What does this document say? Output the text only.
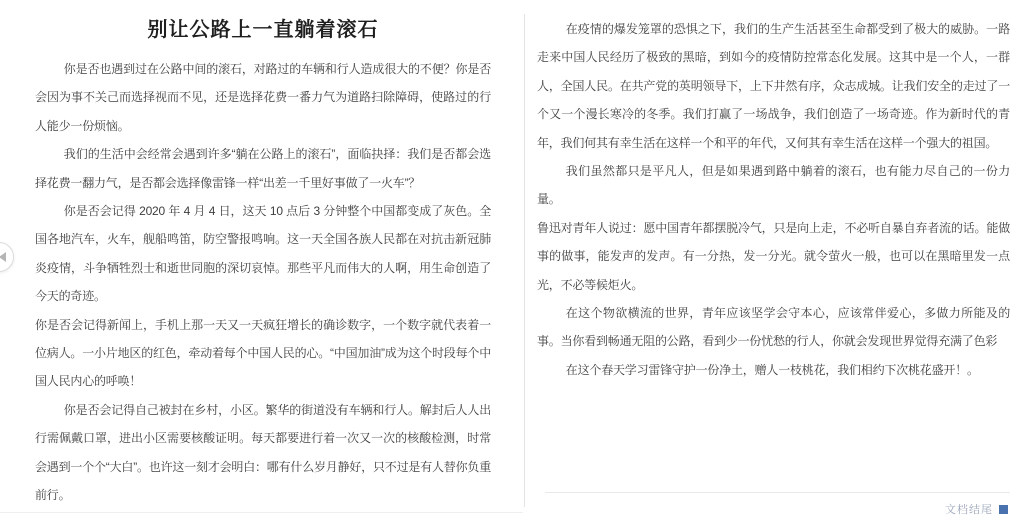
别让公路上一直躺着滚石

你是否也遇到过在公路中间的滚石，对路过的车辆和行人造成很大的不便？你是否会因为事不关己而选择视而不见，还是选择花费一番力气为道路扫除障碍，使路过的行人能少一份烦恼。

我们的生活中会经常会遇到许多“躺在公路上的滚石”，面临抉择：我们是否都会选择花费一翻力气，是否都会选择像雷锋一样“出差一千里好事做了一火车”？

你是否会记得 2020 年 4 月 4 日，这天 10 点后 3 分钟整个中国都变成了灰色。全国各地汽车，火车，舰船鸣笛，防空警报鸣响。这一天全国各族人民都在对抗击新冠肺炎疫情，斗争牺牲烈士和逝世同胞的深切哀悼。那些平凡而伟大的人啊，用生命创造了今天的奇迹。

你是否会记得新闻上，手机上那一天又一天疯狂增长的确诊数字，一个数字就代表着一位病人。一小片地区的红色，牵动着每个中国人民的心。“中国加油”成为这个时段每个中国人民内心的呼唤！

你是否会记得自己被封在乡村，小区。繁华的街道没有车辆和行人。解封后人人出行需佩戴口罩，进出小区需要核酸证明。每天都要进行着一次又一次的核酸检测，时常会遇到一个个“大白”。也许这一刻才会明白：哪有什么岁月静好，只不过是有人替你负重前行。

在疫情的爆发笼罩的恐惧之下，我们的生产生活甚至生命都受到了极大的威胁。一路走来中国人民经历了极致的黑暗，到如今的疫情防控常态化发展。这其中是一个人，一群人，全国人民。在共产党的英明领导下，上下井然有序，众志成城。让我们安全的走过了一个又一个漫长寒冷的冬季。我们打赢了一场战争，我们创造了一场奇迹。作为新时代的青年，我们何其有幸生活在这样一个和平的年代，又何其有幸生活在这样一个强大的祖国。

我们虽然都只是平凡人，但是如果遇到路中躺着的滚石，也有能力尽自己的一份力量。

鲁迅对青年人说过：愿中国青年都摆脱冷气，只是向上走，不必听自暴自弃者流的话。能做事的做事，能发声的发声。有一分热，发一分光。就令萤火一般，也可以在黑暗里发一点光，不必等候炬火。

在这个物欲横流的世界，青年应该坚学会守本心，应该常伴爱心，多做力所能及的事。当你看到畅通无阻的公路，看到少一份忧愁的行人，你就会发现世界觉得充满了色彩

在这个春天学习雷锋守护一份净土，赠人一枝桃花，我们相约下次桃花盛开！。

文档结尾
